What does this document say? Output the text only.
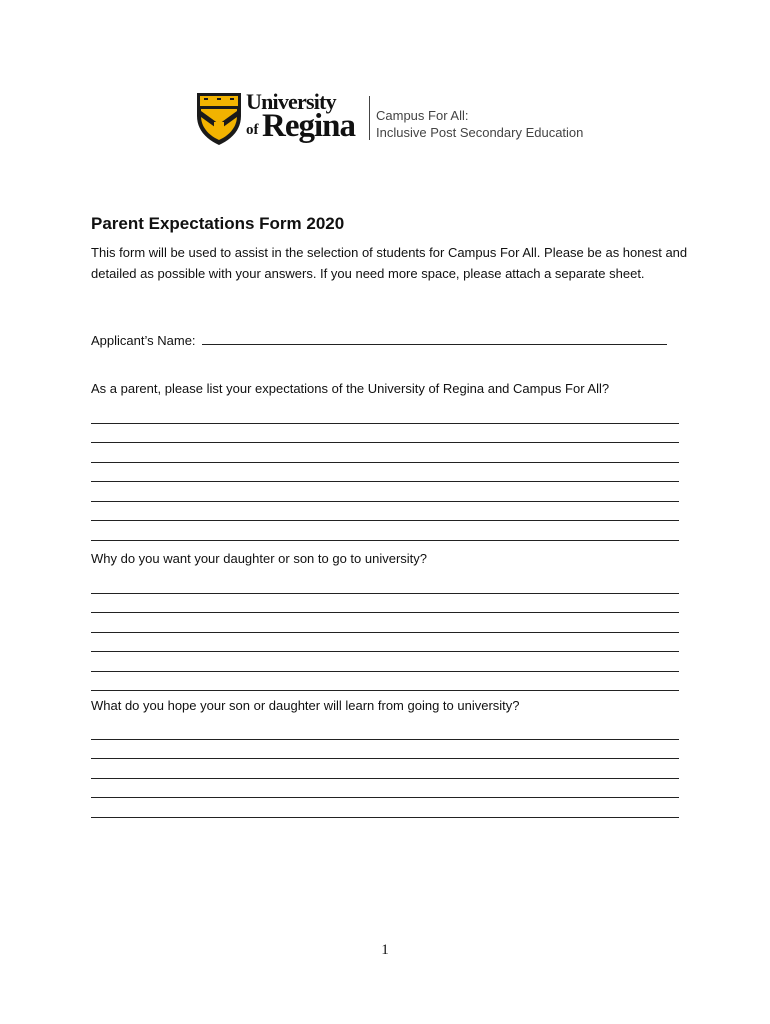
University
of Regina Campus For All:
Inclusive Post Secondary Education
Parent Expectations Form 2020
This form will be used to assist in the selection of students for Campus For All. Please be as honest and detailed as possible with your answers. If you need more space, please attach a separate sheet.
Applicant’s Name:
As a parent, please list your expectations of the University of Regina and Campus For All?
Why do you want your daughter or son to go to university?
What do you hope your son or daughter will learn from going to university?
1
